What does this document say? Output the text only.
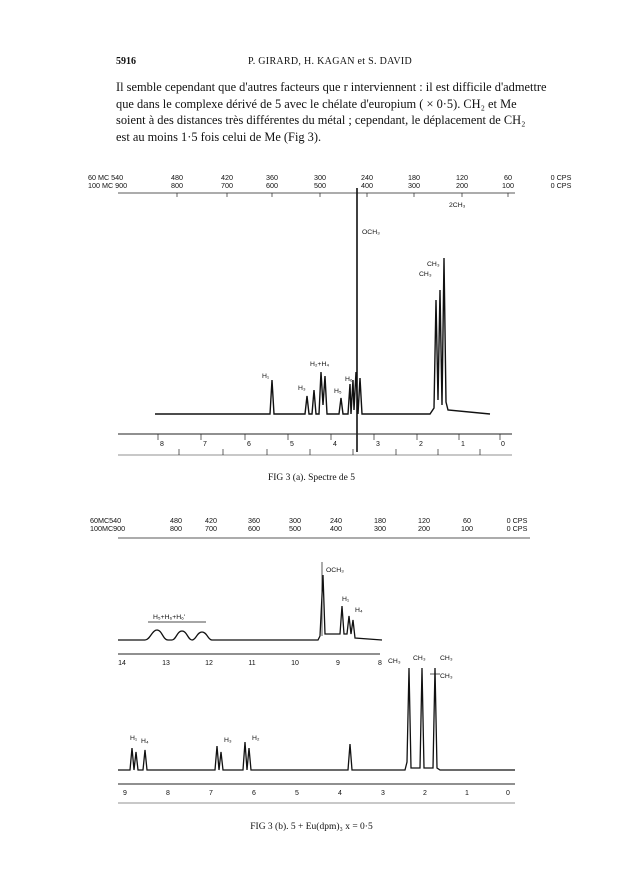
5916	P. GIRARD, H. KAGAN et S. DAVID

Il semble cependant que d'autres facteurs que r interviennent : il est difficile d'admettre

que dans le complexe dérivé de 5 avec le chélate d'europium ( × 0·5). CH₂ et Me

soient à des distances très différentes du métal ; cependant, le déplacement de CH₂

est au moins 1·5 fois celui de Me (Fig 3).

60 MC 540
100 MC 900
480	420	360	300	240	180	120	60	0 CPS
800	700	600	500	400	300	200	100	0 CPS
2CH₃
OCH₃
CH₃
CH₃
H₂+H₄
H₁
H₃	H₅
H₆
8	7	6	5	4	3	2	1	0
FIG 3 (a). Spectre de 5
60MC540
100MC900
480	420	360	300	240	180	120	60	0 CPS
800	700	600	500	400	300	200	100	0 CPS
OCH₃
H₁
H₄
H₅+H₆+H₆'
14	13	12	11	10	9	8 CH₃ CH₃ CH₃
CH₃
H₁ H₄	H₃	H₂
9	8	7	6	5	4	3	2	1	0
FIG 3 (b). 5 + Eu(dpm)₃ x = 0·5
